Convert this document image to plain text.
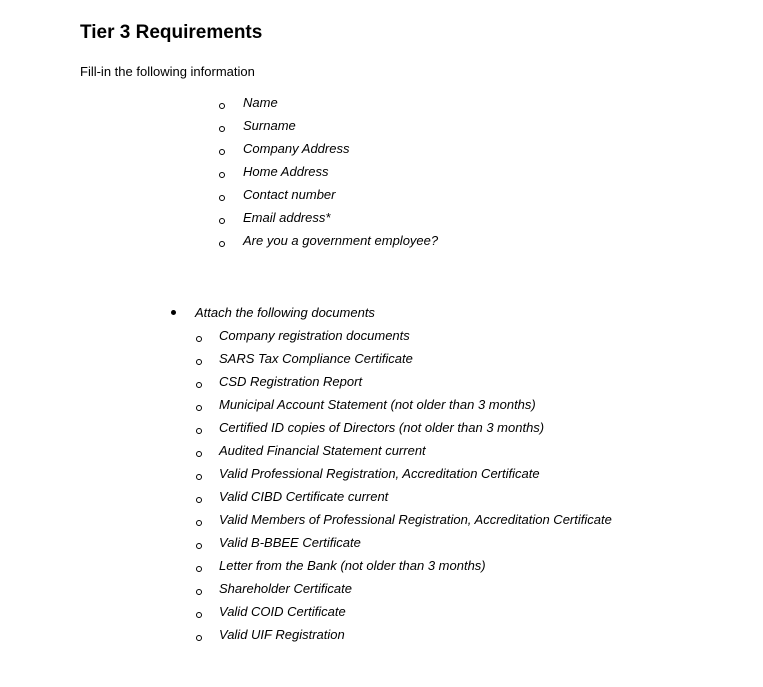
Tier 3 Requirements
Fill-in the following information
Name
Surname
Company Address
Home Address
Contact number
Email address*
Are you a government employee?
Attach the following documents
Company registration documents
SARS Tax Compliance Certificate
CSD Registration Report
Municipal Account Statement (not older than 3 months)
Certified ID copies of Directors (not older than 3 months)
Audited Financial Statement current
Valid Professional Registration, Accreditation Certificate
Valid CIBD Certificate current
Valid Members of Professional Registration, Accreditation Certificate
Valid B-BBEE Certificate
Letter from the Bank (not older than 3 months)
Shareholder Certificate
Valid COID Certificate
Valid UIF Registration
